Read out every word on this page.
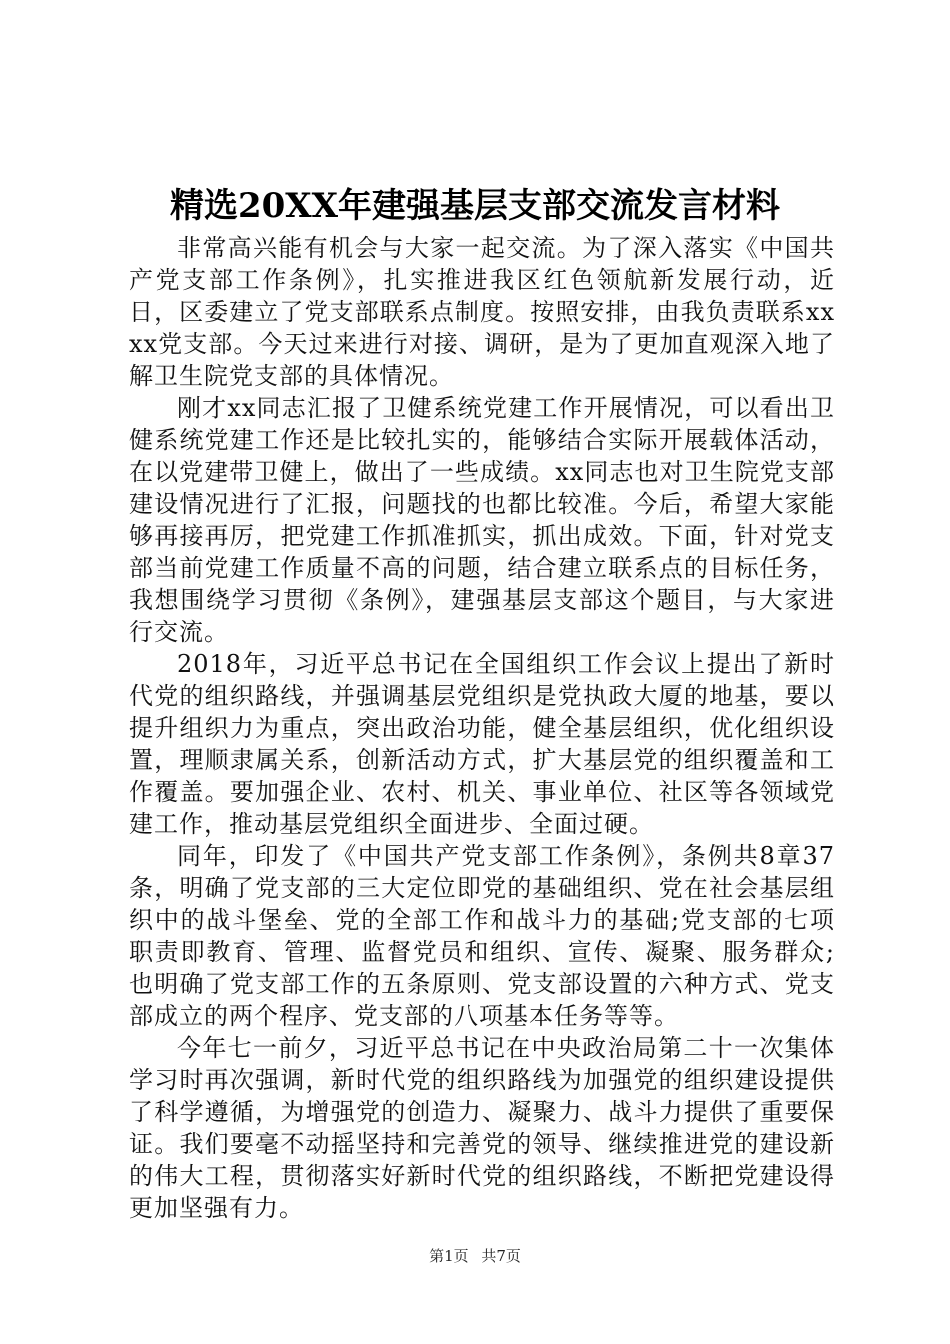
精选20XX年建强基层支部交流发言材料

非常高兴能有机会与大家一起交流。为了深入落实《中国共产党支部工作条例》，扎实推进我区红色领航新发展行动，近日，区委建立了党支部联系点制度。按照安排，由我负责联系xxxx党支部。今天过来进行对接、调研，是为了更加直观深入地了解卫生院党支部的具体情况。

刚才xx同志汇报了卫健系统党建工作开展情况，可以看出卫健系统党建工作还是比较扎实的，能够结合实际开展载体活动，在以党建带卫健上，做出了一些成绩。xx同志也对卫生院党支部建设情况进行了汇报，问题找的也都比较准。今后，希望大家能够再接再厉，把党建工作抓准抓实，抓出成效。下面，针对党支部当前党建工作质量不高的问题，结合建立联系点的目标任务，我想围绕学习贯彻《条例》，建强基层支部这个题目，与大家进行交流。

2018年，习近平总书记在全国组织工作会议上提出了新时代党的组织路线，并强调基层党组织是党执政大厦的地基，要以提升组织力为重点，突出政治功能，健全基层组织，优化组织设置，理顺隶属关系，创新活动方式，扩大基层党的组织覆盖和工作覆盖。要加强企业、农村、机关、事业单位、社区等各领域党建工作，推动基层党组织全面进步、全面过硬。

同年，印发了《中国共产党支部工作条例》，条例共8章37条，明确了党支部的三大定位即党的基础组织、党在社会基层组织中的战斗堡垒、党的全部工作和战斗力的基础;党支部的七项职责即教育、管理、监督党员和组织、宣传、凝聚、服务群众;也明确了党支部工作的五条原则、党支部设置的六种方式、党支部成立的两个程序、党支部的八项基本任务等等。

今年七一前夕，习近平总书记在中央政治局第二十一次集体学习时再次强调，新时代党的组织路线为加强党的组织建设提供了科学遵循，为增强党的创造力、凝聚力、战斗力提供了重要保证。我们要毫不动摇坚持和完善党的领导、继续推进党的建设新的伟大工程，贯彻落实好新时代党的组织路线，不断把党建设得更加坚强有力。

第1页 共7页
